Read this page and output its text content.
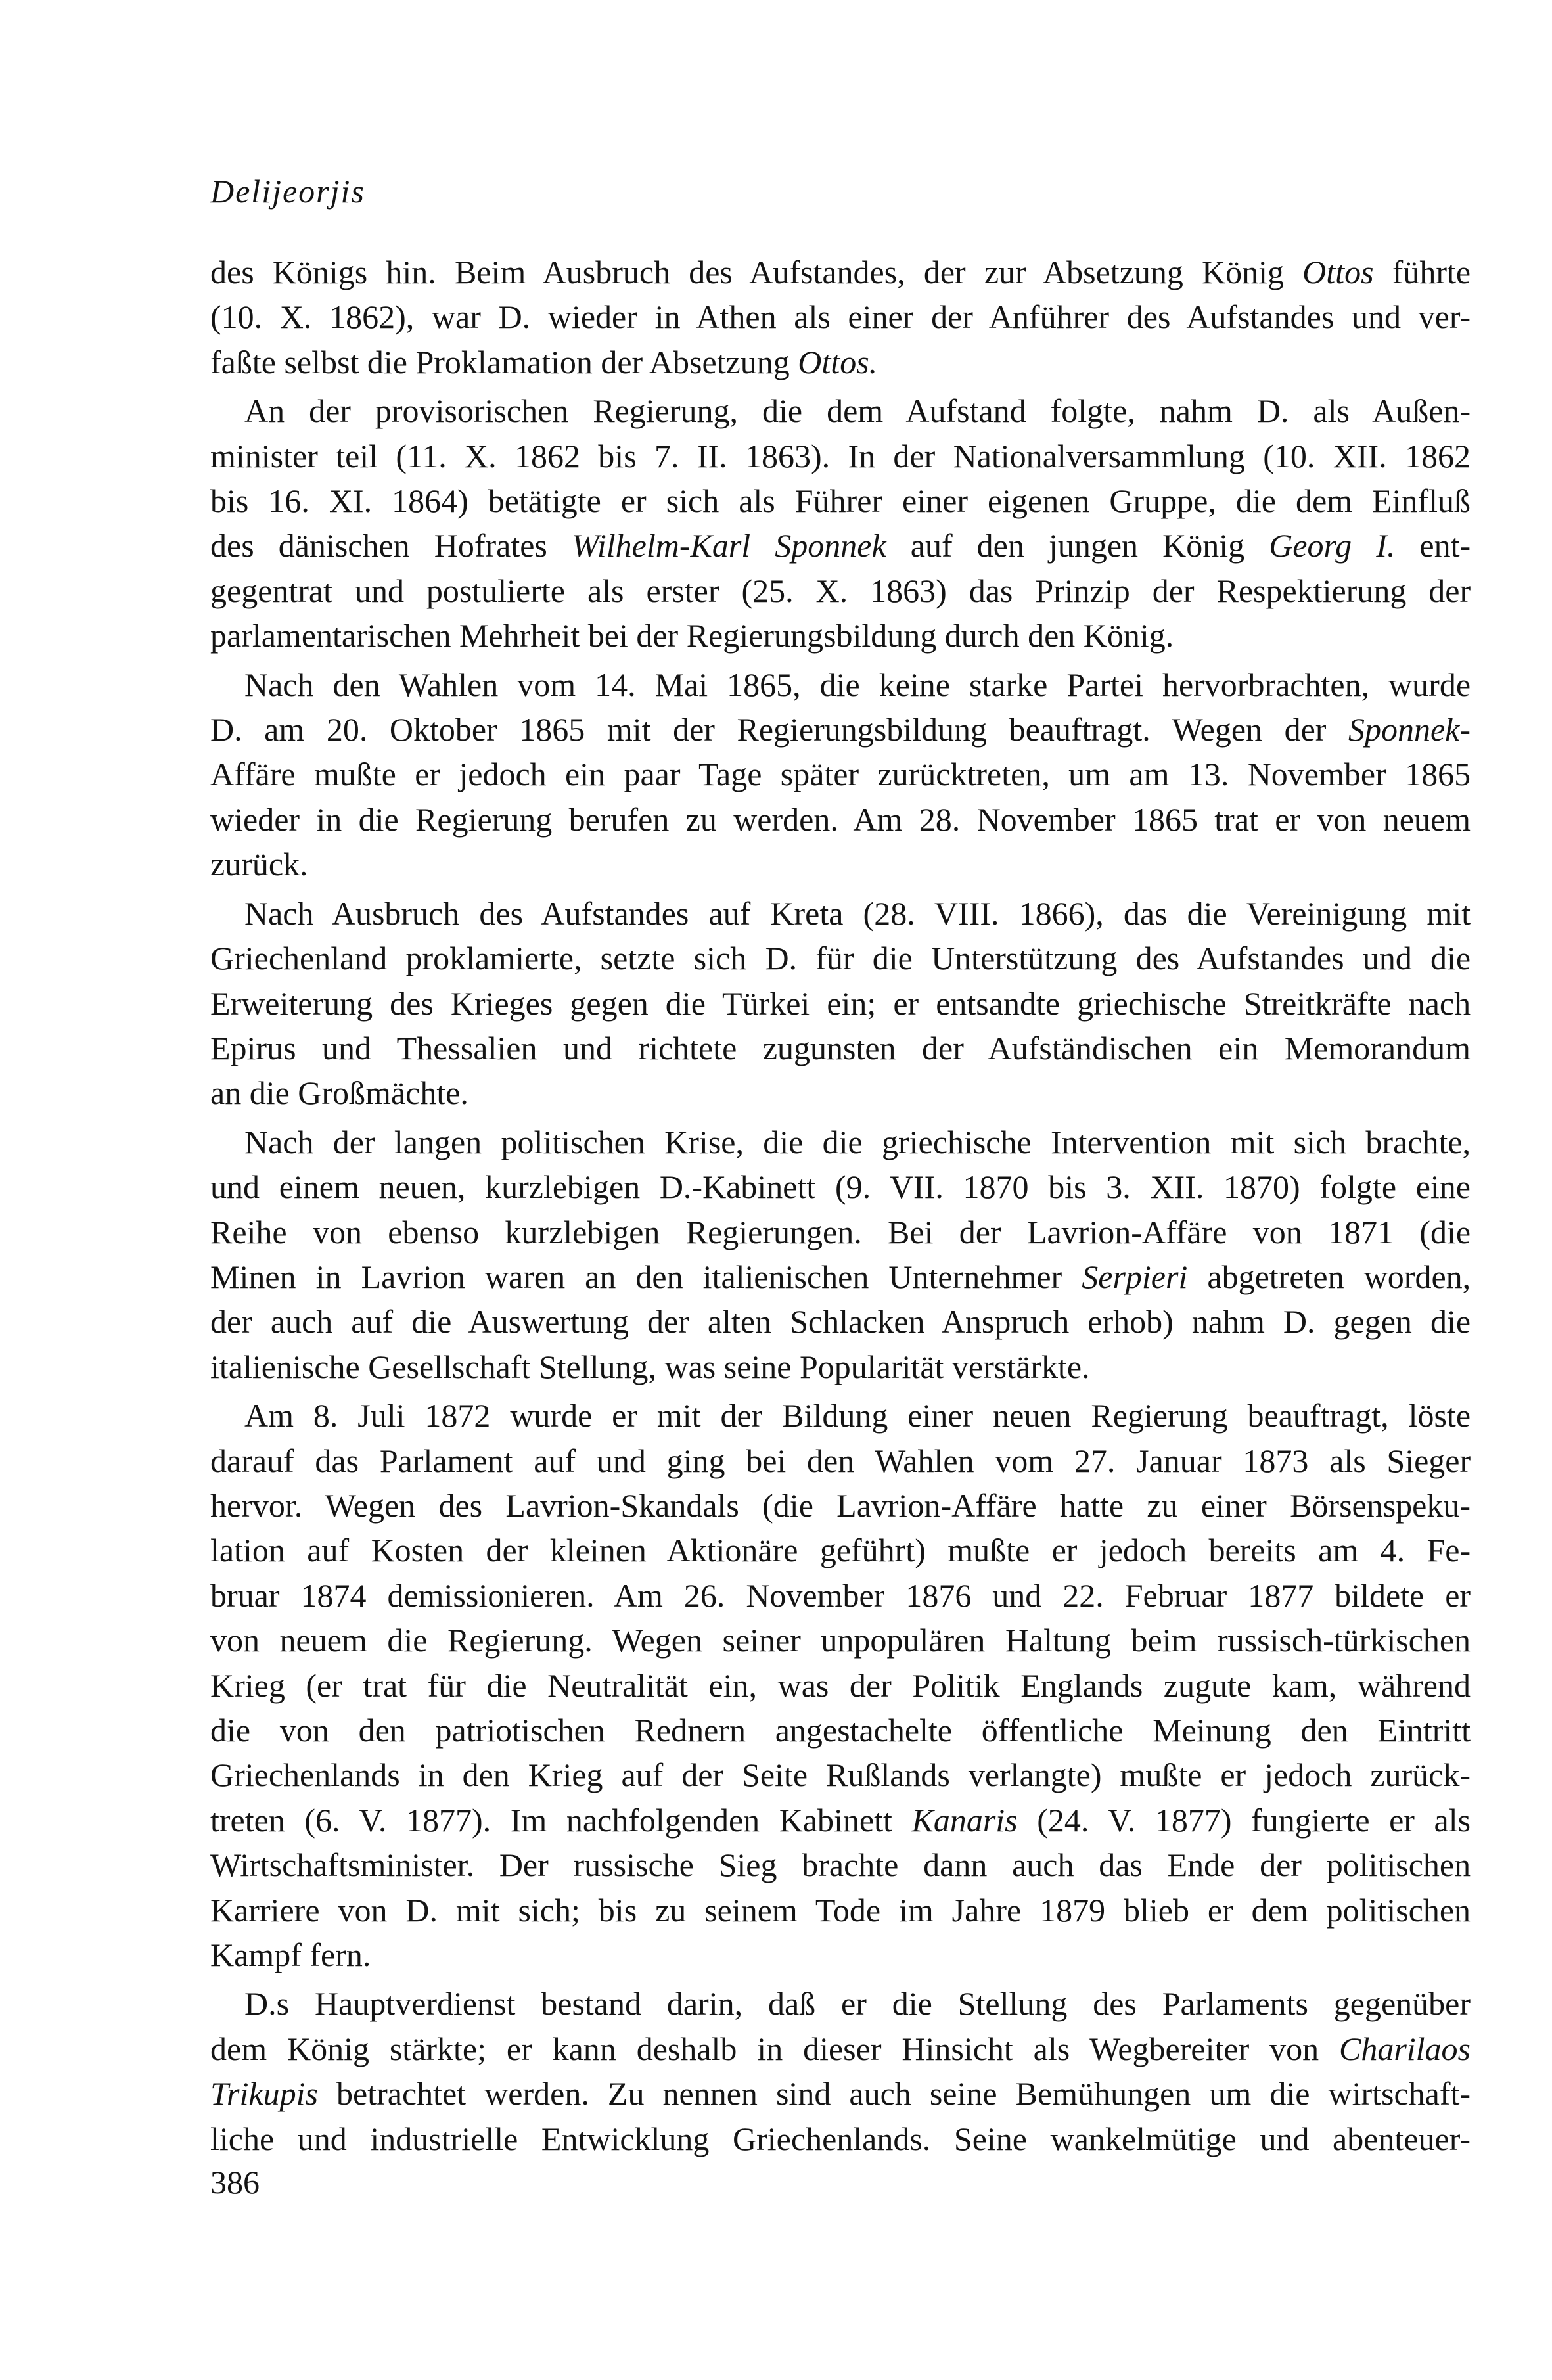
Delijeorjis
des Königs hin. Beim Ausbruch des Aufstandes, der zur Absetzung König Ottos führte
(10. X. 1862), war D. wieder in Athen als einer der Anführer des Aufstandes und ver-
faßte selbst die Proklamation der Absetzung Ottos.
An der provisorischen Regierung, die dem Aufstand folgte, nahm D. als Außen-
minister teil (11. X. 1862 bis 7. II. 1863). In der Nationalversammlung (10. XII. 1862
bis 16. XI. 1864) betätigte er sich als Führer einer eigenen Gruppe, die dem Einfluß
des dänischen Hofrates Wilhelm-Karl Sponnek auf den jungen König Georg I. ent-
gegentrat und postulierte als erster (25. X. 1863) das Prinzip der Respektierung der
parlamentarischen Mehrheit bei der Regierungsbildung durch den König.
Nach den Wahlen vom 14. Mai 1865, die keine starke Partei hervorbrachten, wurde
D. am 20. Oktober 1865 mit der Regierungsbildung beauftragt. Wegen der Sponnek-
Affäre mußte er jedoch ein paar Tage später zurücktreten, um am 13. November 1865
wieder in die Regierung berufen zu werden. Am 28. November 1865 trat er von neuem
zurück.
Nach Ausbruch des Aufstandes auf Kreta (28. VIII. 1866), das die Vereinigung mit
Griechenland proklamierte, setzte sich D. für die Unterstützung des Aufstandes und die
Erweiterung des Krieges gegen die Türkei ein; er entsandte griechische Streitkräfte nach
Epirus und Thessalien und richtete zugunsten der Aufständischen ein Memorandum
an die Großmächte.
Nach der langen politischen Krise, die die griechische Intervention mit sich brachte,
und einem neuen, kurzlebigen D.-Kabinett (9. VII. 1870 bis 3. XII. 1870) folgte eine
Reihe von ebenso kurzlebigen Regierungen. Bei der Lavrion-Affäre von 1871 (die
Minen in Lavrion waren an den italienischen Unternehmer Serpieri abgetreten worden,
der auch auf die Auswertung der alten Schlacken Anspruch erhob) nahm D. gegen die
italienische Gesellschaft Stellung, was seine Popularität verstärkte.
Am 8. Juli 1872 wurde er mit der Bildung einer neuen Regierung beauftragt, löste
darauf das Parlament auf und ging bei den Wahlen vom 27. Januar 1873 als Sieger
hervor. Wegen des Lavrion-Skandals (die Lavrion-Affäre hatte zu einer Börsenspeku-
lation auf Kosten der kleinen Aktionäre geführt) mußte er jedoch bereits am 4. Fe-
bruar 1874 demissionieren. Am 26. November 1876 und 22. Februar 1877 bildete er
von neuem die Regierung. Wegen seiner unpopulären Haltung beim russisch-türkischen
Krieg (er trat für die Neutralität ein, was der Politik Englands zugute kam, während
die von den patriotischen Rednern angestachelte öffentliche Meinung den Eintritt
Griechenlands in den Krieg auf der Seite Rußlands verlangte) mußte er jedoch zurück-
treten (6. V. 1877). Im nachfolgenden Kabinett Kanaris (24. V. 1877) fungierte er als
Wirtschaftsminister. Der russische Sieg brachte dann auch das Ende der politischen
Karriere von D. mit sich; bis zu seinem Tode im Jahre 1879 blieb er dem politischen
Kampf fern.
D.s Hauptverdienst bestand darin, daß er die Stellung des Parlaments gegenüber
dem König stärkte; er kann deshalb in dieser Hinsicht als Wegbereiter von Charilaos
Trikupis betrachtet werden. Zu nennen sind auch seine Bemühungen um die wirtschaft-
liche und industrielle Entwicklung Griechenlands. Seine wankelmütige und abenteuer-
386
